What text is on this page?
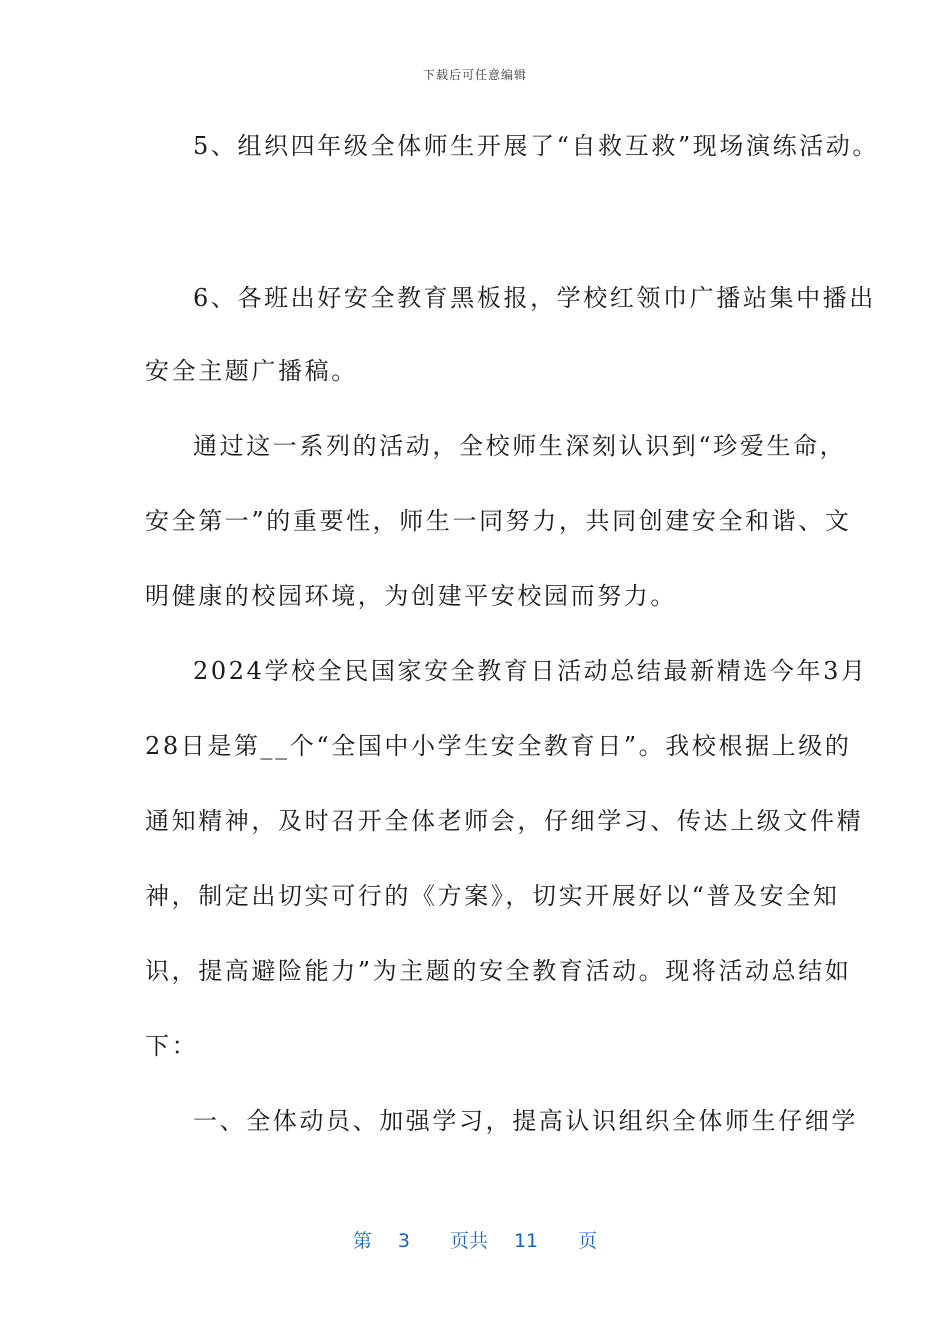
下载后可任意编辑
5、组织四年级全体师生开展了“自救互救”现场演练活动。
6、各班出好安全教育黑板报，学校红领巾广播站集中播出
安全主题广播稿。
通过这一系列的活动，全校师生深刻认识到“珍爱生命，
安全第一”的重要性，师生一同努力，共同创建安全和谐、文
明健康的校园环境，为创建平安校园而努力。
2024学校全民国家安全教育日活动总结最新精选今年3月
28日是第__个“全国中小学生安全教育日”。我校根据上级的
通知精神，及时召开全体老师会，仔细学习、传达上级文件精
神，制定出切实可行的《方案》，切实开展好以“普及安全知
识，提高避险能力”为主题的安全教育活动。现将活动总结如
下：
一、全体动员、加强学习，提高认识组织全体师生仔细学
第 3 页共 11 页
